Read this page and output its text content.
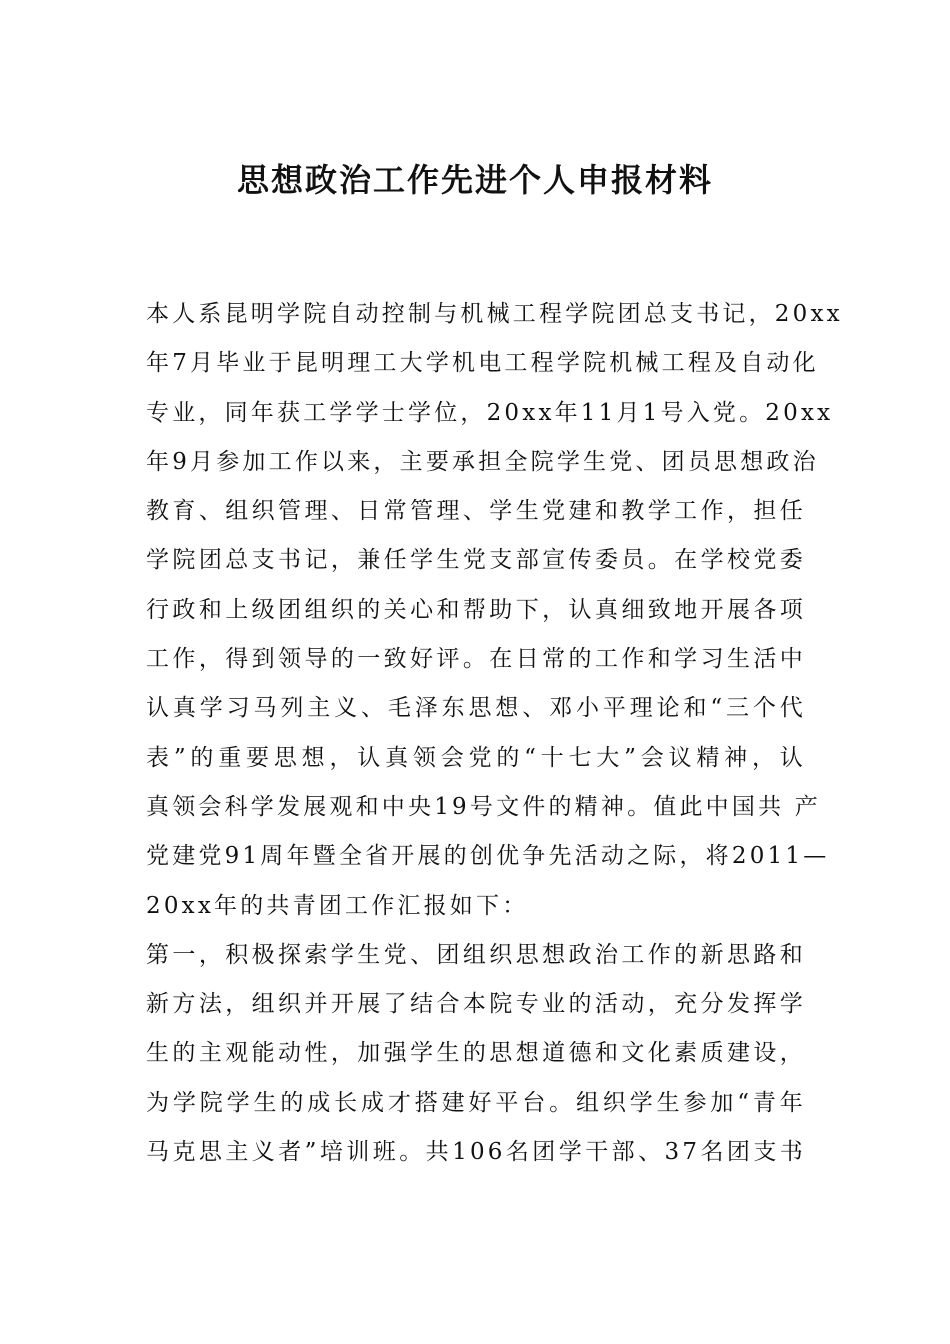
思想政治工作先进个人申报材料
本人系昆明学院自动控制与机械工程学院团总支书记，20xx
年7月毕业于昆明理工大学机电工程学院机械工程及自动化
专业，同年获工学学士学位，20xx年11月1号入党。20xx
年9月参加工作以来，主要承担全院学生党、团员思想政治
教育、组织管理、日常管理、学生党建和教学工作，担任
学院团总支书记，兼任学生党支部宣传委员。在学校党委
行政和上级团组织的关心和帮助下，认真细致地开展各项
工作，得到领导的一致好评。在日常的工作和学习生活中
认真学习马列主义、毛泽东思想、邓小平理论和“三个代
表”的重要思想，认真领会党的“十七大”会议精神，认
真领会科学发展观和中央19号文件的精神。值此中国共 产
党建党91周年暨全省开展的创优争先活动之际，将2011—
20xx年的共青团工作汇报如下：
第一，积极探索学生党、团组织思想政治工作的新思路和
新方法，组织并开展了结合本院专业的活动，充分发挥学
生的主观能动性，加强学生的思想道德和文化素质建设，
为学院学生的成长成才搭建好平台。组织学生参加“青年
马克思主义者”培训班。共106名团学干部、37名团支书
